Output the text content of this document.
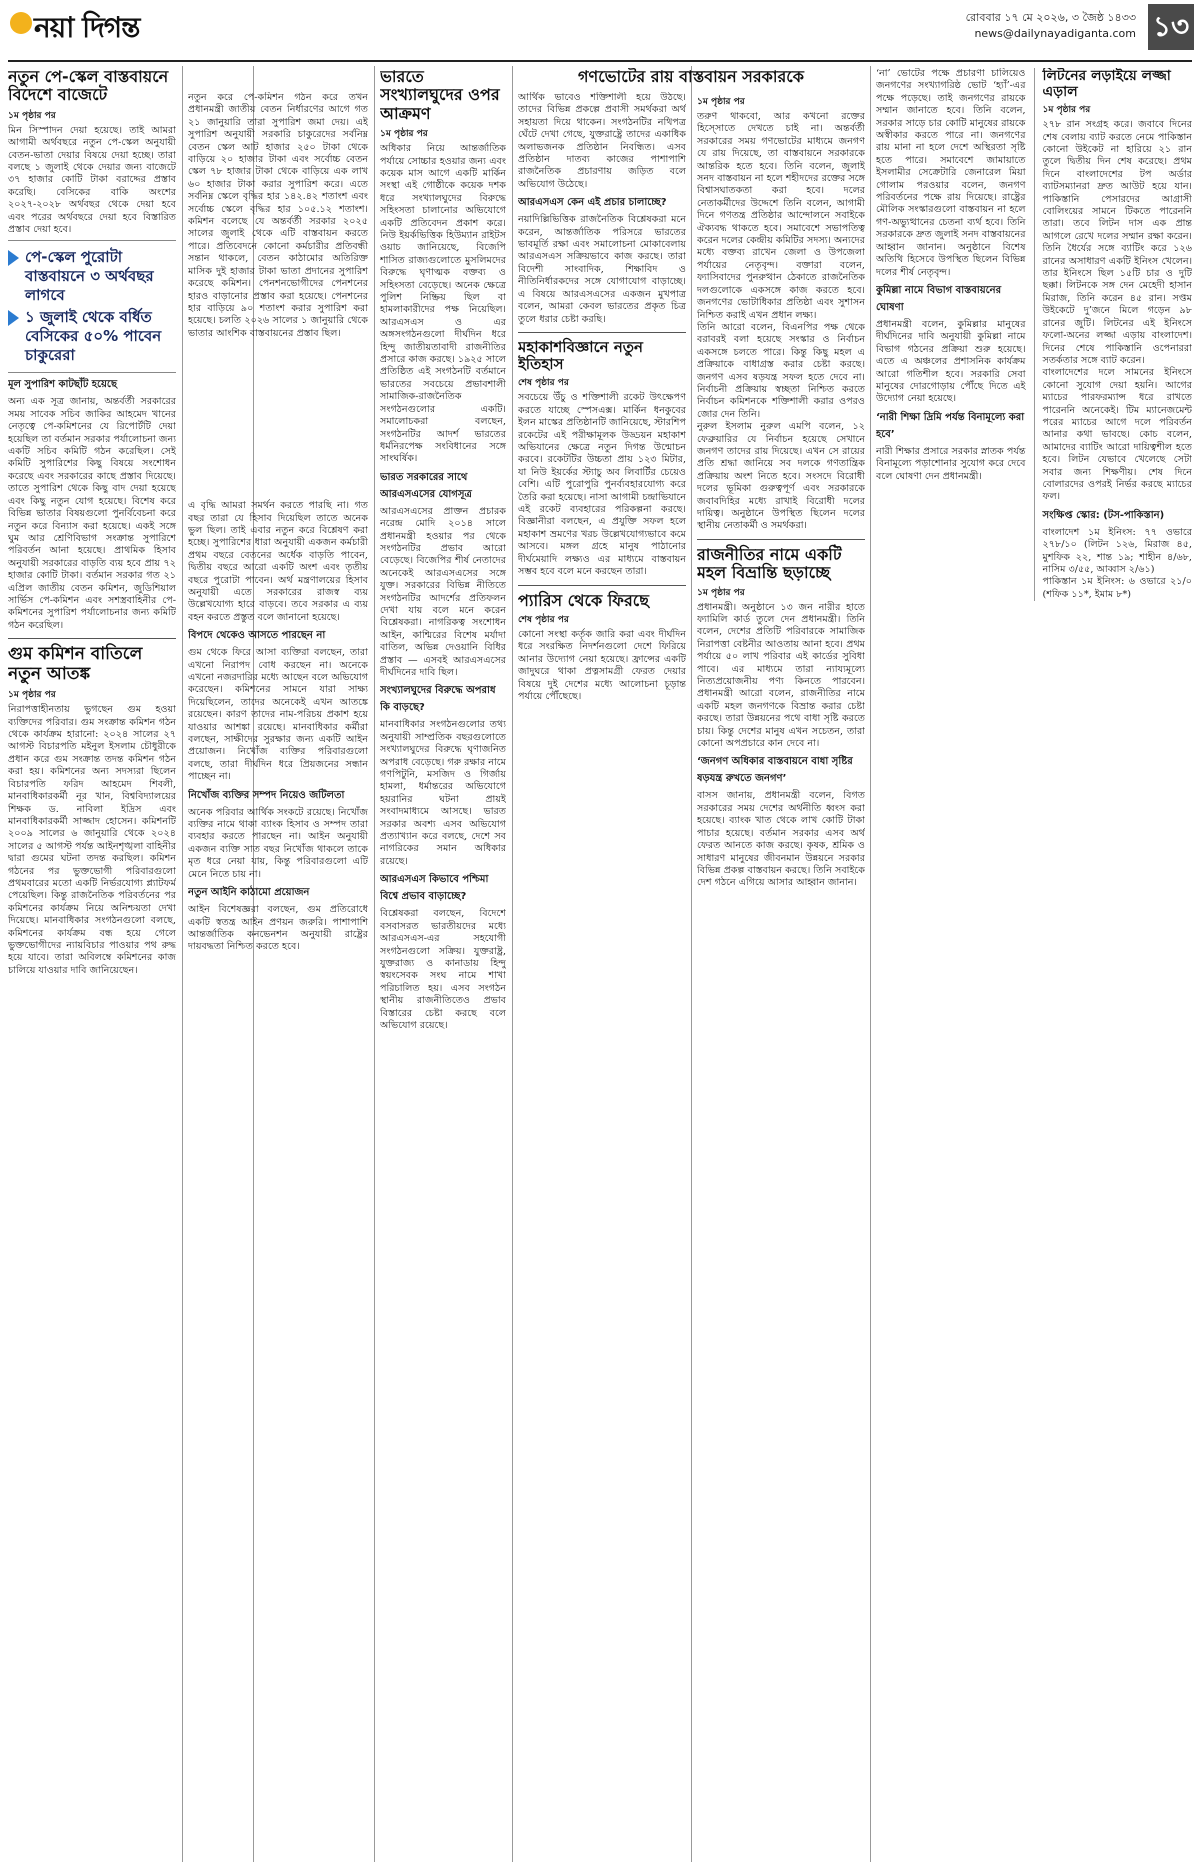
নয়া দিগন্ত	রোববার ১৭ মে ২০২৬, ৩ জৈষ্ঠ ১৪৩৩
news@dailynayadiganta.com ১৩
নতুন পে-স্কেল বাস্তবায়নে বিদেশে বাজেটে
১ম পৃষ্ঠার পর

মিন সিস্পাদন দেয়া হয়েছে। তাই আমরা আগামী অর্থবছরে নতুন পে-স্কেল অনুযায়ী বেতন-ভাতা দেয়ার বিষয়ে দেয়া হচ্ছে। তারা বলছে ১ জুলাই থেকে দেয়ার জন্য বাজেটে ৩৭ হাজার কোটি টাকা বরাদ্দের প্রস্তাব করেছি। বেসিকের বাকি অংশের ২০২৭-২০২৮ অর্থবছর থেকে দেয়া হবে এবং পরের অর্থবছরে দেয়া হবে বিস্তারিত প্রস্তাব দেয়া হবে।

পে-স্কেল পুরোটা বাস্তবায়নে ৩ অর্থবছর লাগবে
১ জুলাই থেকে বর্ধিত বেসিকের ৫০% পাবেন চাকুরেরা
মূল সুপারিশ কাটছাঁট হয়েছে

অন্য এক সূত্র জানায়, অন্তর্বর্তী সরকারের সময় সাবেক সচিব জাকির আহমেদ খানের নেতৃত্বে পে-কমিশনের যে রিপোর্টটি দেয়া হয়েছিল তা বর্তমান সরকার পর্যালোচনা জন্য একটি সচিব কমিটি গঠন করেছিল। সেই কমিটি সুপারিশের কিছু বিষয়ে সংশোধন করেছে এবং সরকারের কাছে প্রস্তাব দিয়েছে। তাতে সুপারিশ থেকে কিছু বাদ দেয়া হয়েছে এবং কিছু নতুন যোগ হয়েছে। বিশেষ করে বিভিন্ন ভাতার বিষয়গুলো পুনর্বিবেচনা করে নতুন করে বিন্যাস করা হয়েছে। একই সঙ্গে ঘুম আর শ্রেণিবিভাগ সংক্রান্ত সুপারিশে পরিবর্তন আনা হয়েছে। প্রাথমিক হিসাব অনুযায়ী সরকারের বাড়তি ব্যয় হবে প্রায় ৭২ হাজার কোটি টাকা। বর্তমান সরকার গত ২১ এপ্রিল জাতীয় বেতন কমিশন, জুডিশিয়াল সার্ভিস পে-কমিশন এবং সশস্ত্রবাহিনীর পে-কমিশনের সুপারিশ পর্যালোচনার জন্য কমিটি গঠন করেছিল।

গুম কমিশন বাতিলে নতুন আতঙ্ক
১ম পৃষ্ঠার পর

নিরাপত্তাহীনতায় ভুগছেন গুম হওয়া ব্যক্তিদের পরিবার। গুম সংক্রান্ত কমিশন গঠন থেকে কার্যক্রম হারানো: ২০২৪ সালের ২৭ আগস্ট বিচারপতি মইনুল ইসলাম চৌধুরীকে প্রধান করে গুম সংক্রান্ত তদন্ত কমিশন গঠন করা হয়। কমিশনের অন্য সদস্যরা ছিলেন বিচারপতি ফরিদ আহমেদ শিবলী, মানবাধিকারকর্মী নূর খান, বিশ্ববিদ্যালয়ের শিক্ষক ড. নাবিলা ইদ্রিস এবং মানবাধিকারকর্মী সাজ্জাদ হোসেন। কমিশনটি ২০০৯ সালের ৬ জানুয়ারি থেকে ২০২৪ সালের ৫ আগস্ট পর্যন্ত আইনশৃঙ্খলা বাহিনীর দ্বারা গুমের ঘটনা তদন্ত করছিল। কমিশন গঠনের পর ভুক্তভোগী পরিবারগুলো প্রথমবারের মতো একটি নির্ভরযোগ্য প্ল্যাটফর্ম পেয়েছিল। কিন্তু রাজনৈতিক পরিবর্তনের পর কমিশনের কার্যক্রম নিয়ে অনিশ্চয়তা দেখা দিয়েছে। মানবাধিকার সংগঠনগুলো বলছে, কমিশনের কার্যক্রম বন্ধ হয়ে গেলে ভুক্তভোগীদের ন্যায়বিচার পাওয়ার পথ রুদ্ধ হয়ে যাবে। তারা অবিলম্বে কমিশনের কাজ চালিয়ে যাওয়ার দাবি জানিয়েছেন।

নতুন করে পে-কমিশন গঠন করে তখন প্রধানমন্ত্রী জাতীয় বেতন নির্ধারণের আগে গত ২১ জানুয়ারি তারা সুপারিশ জমা দেয়। এই সুপারিশ অনুযায়ী সরকারি চাকুরেদের সর্বনিম্ন বেতন স্কেল আট হাজার ২৫০ টাকা থেকে বাড়িয়ে ২০ হাজার টাকা এবং সর্বোচ্চ বেতন স্কেল ৭৮ হাজার টাকা থেকে বাড়িয়ে এক লাখ ৬০ হাজার টাকা করার সুপারিশ করে। এতে সর্বনিম্ন স্কেলে বৃদ্ধির হার ১৪২.৪২ শতাংশ এবং সর্বোচ্চ স্কেলে বৃদ্ধির হার ১০৫.১২ শতাংশ। কমিশন বলেছে যে অন্তর্বর্তী সরকার ২০২৫ সালের জুলাই থেকে এটি বাস্তবায়ন করতে পারে। প্রতিবেদনে কোনো কর্মচারীর প্রতিবন্ধী সন্তান থাকলে, বেতন কাঠামোর অতিরিক্ত মাসিক দুই হাজার টাকা ভাতা প্রদানের সুপারিশ করেছে কমিশন। পেনশনভোগীদের পেনশনের হারও বাড়ানোর প্রস্তাব করা হয়েছে। পেনশনের হার বাড়িয়ে ৯০ শতাংশ করার সুপারিশ করা হয়েছে। চলতি ২০২৬ সালের ১ জানুয়ারি থেকে ভাতার আংশিক বাস্তবায়নের প্রস্তাব ছিল।

এ বৃদ্ধি আমরা সমর্থন করতে পারছি না। গত বছর তারা যে হিসাব দিয়েছিল তাতে অনেক ভুল ছিল। তাই এবার নতুন করে বিশ্লেষণ করা হচ্ছে। সুপারিশের ধারা অনুযায়ী একজন কর্মচারী প্রথম বছরে বেতনের অর্ধেক বাড়তি পাবেন, দ্বিতীয় বছরে আরো একটি অংশ এবং তৃতীয় বছরে পুরোটা পাবেন। অর্থ মন্ত্রণালয়ের হিসাব অনুযায়ী এতে সরকারের রাজস্ব ব্যয় উল্লেখযোগ্য হারে বাড়বে। তবে সরকার এ ব্যয় বহন করতে প্রস্তুত বলে জানানো হয়েছে।

বিপদে থেকেও আসতে পারছেন না

গুম থেকে ফিরে আসা ব্যক্তিরা বলছেন, তারা এখনো নিরাপদ বোধ করছেন না। অনেকে এখনো নজরদারির মধ্যে আছেন বলে অভিযোগ করেছেন। কমিশনের সামনে যারা সাক্ষ্য দিয়েছিলেন, তাদের অনেকেই এখন আতঙ্কে রয়েছেন। কারণ তাদের নাম-পরিচয় প্রকাশ হয়ে যাওয়ার আশঙ্কা রয়েছে। মানবাধিকার কর্মীরা বলছেন, সাক্ষীদের সুরক্ষার জন্য একটি আইন প্রয়োজন। নিখোঁজ ব্যক্তির পরিবারগুলো বলছে, তারা দীর্ঘদিন ধরে প্রিয়জনের সন্ধান পাচ্ছেন না।

নিখোঁজ ব্যক্তির সম্পদ নিয়েও জটিলতা

অনেক পরিবার আর্থিক সংকটে রয়েছে। নিখোঁজ ব্যক্তির নামে থাকা ব্যাংক হিসাব ও সম্পদ তারা ব্যবহার করতে পারছেন না। আইন অনুযায়ী একজন ব্যক্তি সাত বছর নিখোঁজ থাকলে তাকে মৃত ধরে নেয়া যায়, কিন্তু পরিবারগুলো এটি মেনে নিতে চায় না।

নতুন আইনি কাঠামো প্রয়োজন

আইন বিশেষজ্ঞরা বলছেন, গুম প্রতিরোধে একটি স্বতন্ত্র আইন প্রণয়ন জরুরি। পাশাপাশি আন্তর্জাতিক কনভেনশন অনুযায়ী রাষ্ট্রের দায়বদ্ধতা নিশ্চিত করতে হবে।

ভারতে সংখ্যালঘুদের ওপর আক্রমণ
১ম পৃষ্ঠার পর

অধিকার নিয়ে আন্তর্জাতিক পর্যায়ে সোচ্চার হওয়ার জন্য এবং কয়েক মাস আগে একটি মার্কিন সংস্থা এই গোষ্ঠীকে কয়েক দশক ধরে সংখ্যালঘুদের বিরুদ্ধে সহিংসতা চালানোর অভিযোগে একটি প্রতিবেদন প্রকাশ করে। নিউ ইয়র্কভিত্তিক হিউম্যান রাইটস ওয়াচ জানিয়েছে, বিজেপি শাসিত রাজ্যগুলোতে মুসলিমদের বিরুদ্ধে ঘৃণাত্মক বক্তব্য ও সহিংসতা বেড়েছে। অনেক ক্ষেত্রে পুলিশ নিষ্ক্রিয় ছিল বা হামলাকারীদের পক্ষ নিয়েছিল। আরএসএস ও এর অঙ্গসংগঠনগুলো দীর্ঘদিন ধরে হিন্দু জাতীয়তাবাদী রাজনীতির প্রসারে কাজ করছে। ১৯২৫ সালে প্রতিষ্ঠিত এই সংগঠনটি বর্তমানে ভারতের সবচেয়ে প্রভাবশালী সামাজিক-রাজনৈতিক সংগঠনগুলোর একটি। সমালোচকরা বলছেন, সংগঠনটির আদর্শ ভারতের ধর্মনিরপেক্ষ সংবিধানের সঙ্গে সাংঘর্ষিক।

ভারত সরকারের সাথে আরএসএসের যোগসূত্র

আরএসএসের প্রাক্তন প্রচারক নরেন্দ্র মোদি ২০১৪ সালে প্রধানমন্ত্রী হওয়ার পর থেকে সংগঠনটির প্রভাব আরো বেড়েছে। বিজেপির শীর্ষ নেতাদের অনেকেই আরএসএসের সঙ্গে যুক্ত। সরকারের বিভিন্ন নীতিতে সংগঠনটির আদর্শের প্রতিফলন দেখা যায় বলে মনে করেন বিশ্লেষকরা। নাগরিকত্ব সংশোধন আইন, কাশ্মিরের বিশেষ মর্যাদা বাতিল, অভিন্ন দেওয়ানি বিধির প্রস্তাব — এসবই আরএসএসের দীর্ঘদিনের দাবি ছিল।

সংখ্যালঘুদের বিরুদ্ধে অপরাধ কি বাড়ছে?

মানবাধিকার সংগঠনগুলোর তথ্য অনুযায়ী সাম্প্রতিক বছরগুলোতে সংখ্যালঘুদের বিরুদ্ধে ঘৃণাজনিত অপরাধ বেড়েছে। গরু রক্ষার নামে গণপিটুনি, মসজিদ ও গির্জায় হামলা, ধর্মান্তরের অভিযোগে হয়রানির ঘটনা প্রায়ই সংবাদমাধ্যমে আসছে। ভারত সরকার অবশ্য এসব অভিযোগ প্রত্যাখ্যান করে বলছে, দেশে সব নাগরিকের সমান অধিকার রয়েছে।

আরএসএস কিভাবে পশ্চিমা বিশ্বে প্রভাব বাড়াচ্ছে?

বিশ্লেষকরা বলছেন, বিদেশে বসবাসরত ভারতীয়দের মধ্যে আরএসএস-এর সহযোগী সংগঠনগুলো সক্রিয়। যুক্তরাষ্ট্র, যুক্তরাজ্য ও কানাডায় হিন্দু স্বয়ংসেবক সংঘ নামে শাখা পরিচালিত হয়। এসব সংগঠন স্থানীয় রাজনীতিতেও প্রভাব বিস্তারের চেষ্টা করছে বলে অভিযোগ রয়েছে।

আর্থিক ভাবেও শক্তিশালী হয়ে উঠছে। তাদের বিভিন্ন প্রকল্পে প্রবাসী সমর্থকরা অর্থ সহায়তা দিয়ে থাকেন। সংগঠনটির নথিপত্র ঘেঁটে দেখা গেছে, যুক্তরাষ্ট্রে তাদের একাধিক অলাভজনক প্রতিষ্ঠান নিবন্ধিত। এসব প্রতিষ্ঠান দাতব্য কাজের পাশাপাশি রাজনৈতিক প্রচারণায় জড়িত বলে অভিযোগ উঠেছে।

আরএসএস কেন এই প্রচার চালাচ্ছে?

নয়াদিল্লিভিত্তিক রাজনৈতিক বিশ্লেষকরা মনে করেন, আন্তর্জাতিক পরিসরে ভারতের ভাবমূর্তি রক্ষা এবং সমালোচনা মোকাবেলায় আরএসএস সক্রিয়ভাবে কাজ করছে। তারা বিদেশী সাংবাদিক, শিক্ষাবিদ ও নীতিনির্ধারকদের সঙ্গে যোগাযোগ বাড়াচ্ছে। এ বিষয়ে আরএসএসের একজন মুখপাত্র বলেন, আমরা কেবল ভারতের প্রকৃত চিত্র তুলে ধরার চেষ্টা করছি।

মহাকাশবিজ্ঞানে নতুন ইতিহাস
শেষ পৃষ্ঠার পর

সবচেয়ে উঁচু ও শক্তিশালী রকেট উৎক্ষেপণ করতে যাচ্ছে স্পেসএক্স। মার্কিন ধনকুবের ইলন মাস্কের প্রতিষ্ঠানটি জানিয়েছে, স্টারশিপ রকেটের এই পরীক্ষামূলক উড্ডয়ন মহাকাশ অভিযানের ক্ষেত্রে নতুন দিগন্ত উন্মোচন করবে। রকেটটির উচ্চতা প্রায় ১২৩ মিটার, যা নিউ ইয়র্কের স্ট্যাচু অব লিবার্টির চেয়েও বেশি। এটি পুরোপুরি পুনর্ব্যবহারযোগ্য করে তৈরি করা হয়েছে। নাসা আগামী চন্দ্রাভিযানে এই রকেট ব্যবহারের পরিকল্পনা করছে। বিজ্ঞানীরা বলছেন, এ প্রযুক্তি সফল হলে মহাকাশ ভ্রমণের খরচ উল্লেখযোগ্যভাবে কমে আসবে। মঙ্গল গ্রহে মানুষ পাঠানোর দীর্ঘমেয়াদি লক্ষ্যও এর মাধ্যমে বাস্তবায়ন সম্ভব হবে বলে মনে করছেন তারা।

প্যারিস থেকে ফিরছে
শেষ পৃষ্ঠার পর

কোনো সংস্থা কর্তৃক জারি করা এবং দীর্ঘদিন ধরে সংরক্ষিত নিদর্শনগুলো দেশে ফিরিয়ে আনার উদ্যোগ নেয়া হয়েছে। ফ্রান্সের একটি জাদুঘরে থাকা প্রত্নসামগ্রী ফেরত দেয়ার বিষয়ে দুই দেশের মধ্যে আলোচনা চূড়ান্ত পর্যায়ে পৌঁছেছে।

গণভোটের রায় বাস্তবায়ন সরকারকে
১ম পৃষ্ঠার পর

তরুণ থাকবো, আর কখনো রক্তের হিস্সোতে দেখতে চাই না। অন্তর্বর্তী সরকারের সময় গণভোটের মাধ্যমে জনগণ যে রায় দিয়েছে, তা বাস্তবায়নে সরকারকে আন্তরিক হতে হবে। তিনি বলেন, জুলাই সনদ বাস্তবায়ন না হলে শহীদদের রক্তের সঙ্গে বিশ্বাসঘাতকতা করা হবে। দলের নেতাকর্মীদের উদ্দেশে তিনি বলেন, আগামী দিনে গণতন্ত্র প্রতিষ্ঠার আন্দোলনে সবাইকে ঐক্যবদ্ধ থাকতে হবে। সমাবেশে সভাপতিত্ব করেন দলের কেন্দ্রীয় কমিটির সদস্য। অন্যদের মধ্যে বক্তব্য রাখেন জেলা ও উপজেলা পর্যায়ের নেতৃবৃন্দ। বক্তারা বলেন, ফ্যাসিবাদের পুনরুত্থান ঠেকাতে রাজনৈতিক দলগুলোকে একসঙ্গে কাজ করতে হবে। জনগণের ভোটাধিকার প্রতিষ্ঠা এবং সুশাসন নিশ্চিত করাই এখন প্রধান লক্ষ্য।

তিনি আরো বলেন, বিএনপির পক্ষ থেকে বরাবরই বলা হয়েছে সংস্কার ও নির্বাচন একসঙ্গে চলতে পারে। কিন্তু কিছু মহল এ প্রক্রিয়াকে বাধাগ্রস্ত করার চেষ্টা করছে। জনগণ এসব ষড়যন্ত্র সফল হতে দেবে না। নির্বাচনী প্রক্রিয়ায় স্বচ্ছতা নিশ্চিত করতে নির্বাচন কমিশনকে শক্তিশালী করার ওপরও জোর দেন তিনি।

নুরুল ইসলাম নুরুল এমপি বলেন, ১২ ফেব্রুয়ারির যে নির্বাচন হয়েছে সেখানে জনগণ তাদের রায় দিয়েছে। এখন সে রায়ের প্রতি শ্রদ্ধা জানিয়ে সব দলকে গণতান্ত্রিক প্রক্রিয়ায় অংশ নিতে হবে। সংসদে বিরোধী দলের ভূমিকা গুরুত্বপূর্ণ এবং সরকারকে জবাবদিহির মধ্যে রাখাই বিরোধী দলের দায়িত্ব। অনুষ্ঠানে উপস্থিত ছিলেন দলের স্থানীয় নেতাকর্মী ও সমর্থকরা।

রাজনীতির নামে একটি মহল বিভ্রান্তি ছড়াচ্ছে
১ম পৃষ্ঠার পর

প্রধানমন্ত্রী। অনুষ্ঠানে ১৩ জন নারীর হাতে ফ্যামিলি কার্ড তুলে দেন প্রধানমন্ত্রী। তিনি বলেন, দেশের প্রতিটি পরিবারকে সামাজিক নিরাপত্তা বেষ্টনীর আওতায় আনা হবে। প্রথম পর্যায়ে ৫০ লাখ পরিবার এই কার্ডের সুবিধা পাবে। এর মাধ্যমে তারা ন্যায্যমূল্যে নিত্যপ্রয়োজনীয় পণ্য কিনতে পারবেন। প্রধানমন্ত্রী আরো বলেন, রাজনীতির নামে একটি মহল জনগণকে বিভ্রান্ত করার চেষ্টা করছে। তারা উন্নয়নের পথে বাধা সৃষ্টি করতে চায়। কিন্তু দেশের মানুষ এখন সচেতন, তারা কোনো অপপ্রচারে কান দেবে না।

‘জনগণ অধিকার বাস্তবায়নে বাধা সৃষ্টির ষড়যন্ত্র রুখতে জনগণ’

বাসস জানায়, প্রধানমন্ত্রী বলেন, বিগত সরকারের সময় দেশের অর্থনীতি ধ্বংস করা হয়েছে। ব্যাংক খাত থেকে লাখ কোটি টাকা পাচার হয়েছে। বর্তমান সরকার এসব অর্থ ফেরত আনতে কাজ করছে। কৃষক, শ্রমিক ও সাধারণ মানুষের জীবনমান উন্নয়নে সরকার বিভিন্ন প্রকল্প বাস্তবায়ন করছে। তিনি সবাইকে দেশ গঠনে এগিয়ে আসার আহ্বান জানান।

‘না’ ভোটের পক্ষে প্রচারণা চালিয়েও জনগণের সংখ্যাগরিষ্ঠ ভোট ‘হ্যাঁ’-এর পক্ষে পড়েছে। তাই জনগণের রায়কে সম্মান জানাতে হবে। তিনি বলেন, সরকার সাড়ে চার কোটি মানুষের রায়কে অস্বীকার করতে পারে না। জনগণের রায় মানা না হলে দেশে অস্থিরতা সৃষ্টি হতে পারে। সমাবেশে জামায়াতে ইসলামীর সেক্রেটারি জেনারেল মিয়া গোলাম পরওয়ার বলেন, জনগণ পরিবর্তনের পক্ষে রায় দিয়েছে। রাষ্ট্রের মৌলিক সংস্কারগুলো বাস্তবায়ন না হলে গণ-অভ্যুত্থানের চেতনা ব্যর্থ হবে। তিনি সরকারকে দ্রুত জুলাই সনদ বাস্তবায়নের আহ্বান জানান। অনুষ্ঠানে বিশেষ অতিথি হিসেবে উপস্থিত ছিলেন বিভিন্ন দলের শীর্ষ নেতৃবৃন্দ।

কুমিল্লা নামে বিভাগ বাস্তবায়নের ঘোষণা

প্রধানমন্ত্রী বলেন, কুমিল্লার মানুষের দীর্ঘদিনের দাবি অনুযায়ী কুমিল্লা নামে বিভাগ গঠনের প্রক্রিয়া শুরু হয়েছে। এতে এ অঞ্চলের প্রশাসনিক কার্যক্রম আরো গতিশীল হবে। সরকারি সেবা মানুষের দোরগোড়ায় পৌঁছে দিতে এই উদ্যোগ নেয়া হয়েছে।

‘নারী শিক্ষা দ্রিমি পর্যন্ত বিনামূল্যে করা হবে’

নারী শিক্ষার প্রসারে সরকার স্নাতক পর্যন্ত বিনামূল্যে পড়াশোনার সুযোগ করে দেবে বলে ঘোষণা দেন প্রধানমন্ত্রী।

লিটনের লড়াইয়ে লজ্জা এড়াল
১ম পৃষ্ঠার পর

২৭৮ রান সংগ্রহ করে। জবাবে দিনের শেষ বেলায় ব্যাট করতে নেমে পাকিস্তান কোনো উইকেট না হারিয়ে ২১ রান তুলে দ্বিতীয় দিন শেষ করেছে। প্রথম দিনে বাংলাদেশের টপ অর্ডার ব্যাটসম্যানরা দ্রুত আউট হয়ে যান। পাকিস্তানি পেসারদের আগ্রাসী বোলিংয়ের সামনে টিকতে পারেননি তারা। তবে লিটন দাস এক প্রান্ত আগলে রেখে দলের সম্মান রক্ষা করেন। তিনি ধৈর্যের সঙ্গে ব্যাটিং করে ১২৬ রানের অসাধারণ একটি ইনিংস খেলেন। তার ইনিংসে ছিল ১৫টি চার ও দুটি ছক্কা। লিটনকে সঙ্গ দেন মেহেদী হাসান মিরাজ, তিনি করেন ৪৫ রান। সপ্তম উইকেটে দু’জনে মিলে গড়েন ৯৮ রানের জুটি। লিটনের এই ইনিংসে ফলো-অনের লজ্জা এড়ায় বাংলাদেশ। দিনের শেষে পাকিস্তানি ওপেনাররা সতর্কতার সঙ্গে ব্যাট করেন।

বাংলাদেশের দলে সামনের ইনিংসে কোনো সুযোগ দেয়া হয়নি। আগের ম্যাচের পারফরম্যান্স ধরে রাখতে পারেননি অনেকেই। টিম ম্যানেজমেন্ট পরের ম্যাচের আগে দলে পরিবর্তন আনার কথা ভাবছে। কোচ বলেন, আমাদের ব্যাটিং আরো দায়িত্বশীল হতে হবে। লিটন যেভাবে খেলেছে সেটা সবার জন্য শিক্ষণীয়। শেষ দিনে বোলারদের ওপরই নির্ভর করছে ম্যাচের ফল।

সংক্ষিপ্ত স্কোর: (টস-পাকিস্তান)

বাংলাদেশ ১ম ইনিংস: ৭৭ ওভারে ২৭৮/১০ (লিটন ১২৬, মিরাজ ৪৫, মুশফিক ২২, শান্ত ১৯; শাহীন ৪/৬৮, নাসিম ৩/৫৫, আব্বাস ২/৬১)

পাকিস্তান ১ম ইনিংস: ৬ ওভারে ২১/০ (শফিক ১১*, ইমাম ৮*)
